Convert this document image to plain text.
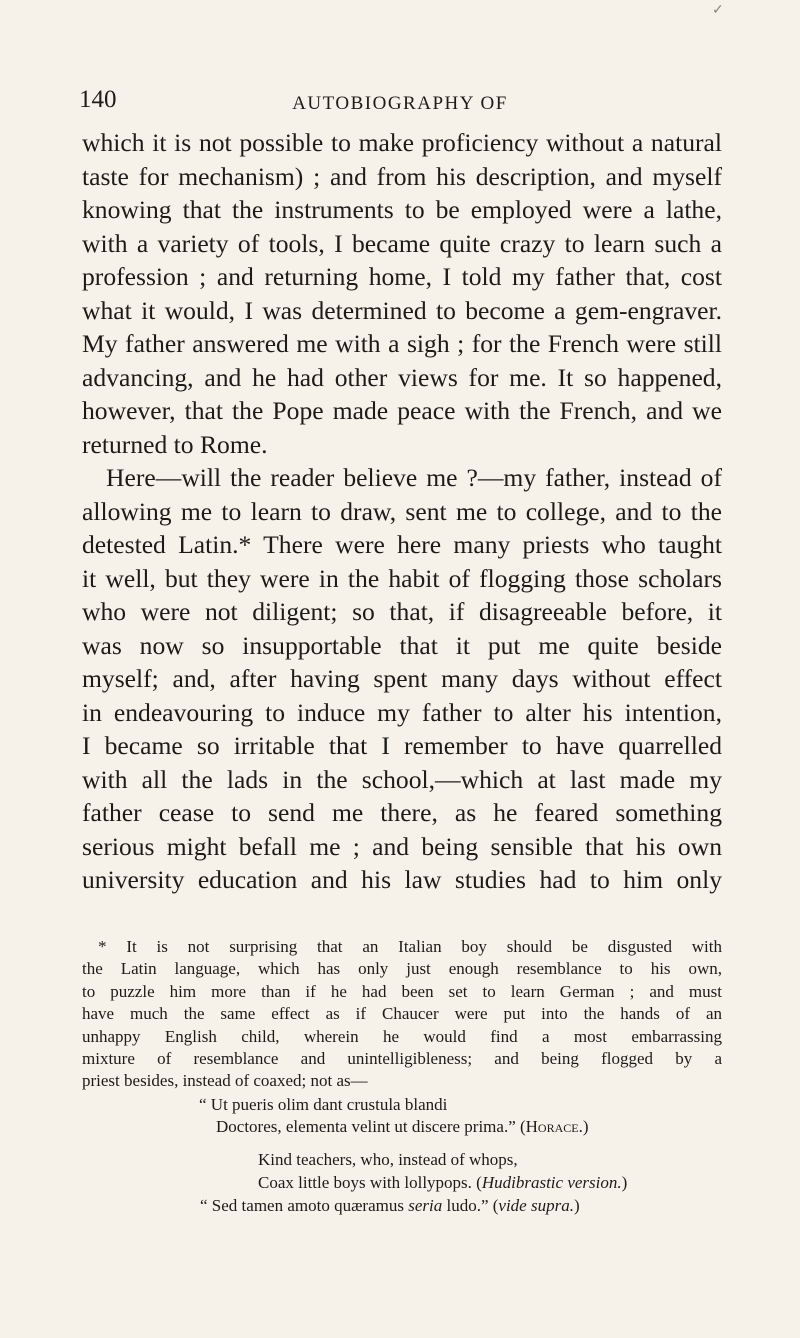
✓
140	AUTOBIOGRAPHY OF
which it is not possible to make proficiency without a natural
taste for mechanism) ; and from his description, and myself
knowing that the instruments to be employed were a lathe,
with a variety of tools, I became quite crazy to learn such a
profession ; and returning home, I told my father that, cost
what it would, I was determined to become a gem-engraver.
My father answered me with a sigh ; for the French were still
advancing, and he had other views for me. It so happened,
however, that the Pope made peace with the French, and we
returned to Rome.
Here—will the reader believe me ?—my father, instead of
allowing me to learn to draw, sent me to college, and to the
detested Latin.* There were here many priests who taught
it well, but they were in the habit of flogging those scholars
who were not diligent; so that, if disagreeable before, it
was now so insupportable that it put me quite beside
myself; and, after having spent many days without effect
in endeavouring to induce my father to alter his intention,
I became so irritable that I remember to have quarrelled
with all the lads in the school,—which at last made my
father cease to send me there, as he feared something
serious might befall me ; and being sensible that his own
university education and his law studies had to him only
* It is not surprising that an Italian boy should be disgusted with
the Latin language, which has only just enough resemblance to his own,
to puzzle him more than if he had been set to learn German ; and must
have much the same effect as if Chaucer were put into the hands of an
unhappy English child, wherein he would find a most embarrassing
mixture of resemblance and unintelligibleness; and being flogged by a
priest besides, instead of coaxed; not as—
“ Ut pueris olim dant crustula blandi
Doctores, elementa velint ut discere prima.” (Horace.)
Kind teachers, who, instead of whops,
Coax little boys with lollypops. (Hudibrastic version.)
“ Sed tamen amoto quæramus seria ludo.” (vide supra.)
